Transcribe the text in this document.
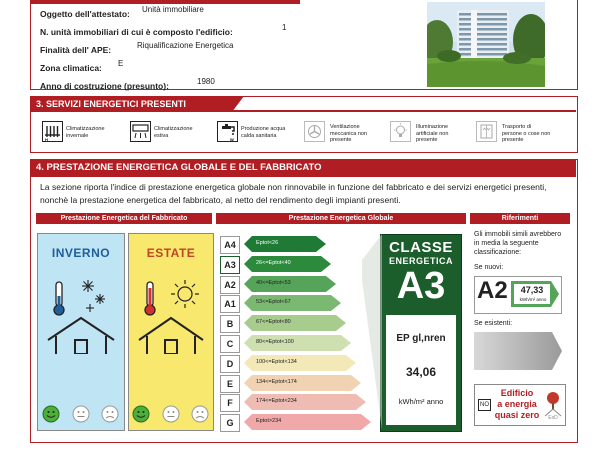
Oggetto dell'attestato: Unità immobiliare
N. unità immobiliari di cui è composto l'edificio:	1
Finalità dell' APE:	Riqualificazione Energetica
Zona climatica: E
Anno di costruzione (presunto):	1980
3. SERVIZI ENERGETICI PRESENTI
H
Climatizzazione invernale
Climatizzazione estiva
W
Produzione acqua calda sanitaria
Ventilazione meccanica non presente
Illuminazione artificiale non presente
Trasporto di persone o cose non presente
4. PRESTAZIONE ENERGETICA GLOBALE E DEL FABBRICATO
La sezione riporta l'indice di prestazione energetica globale non rinnovabile in funzione del fabbricato e dei servizi energetici presenti, nonchè la prestazione energetica del fabbricato, al netto del rendimento degli impianti presenti.
Prestazione Energetica del Fabbricato	Prestazione Energetica Globale	Riferimenti
INVERNO	ESTATE
A4	Eptot<26
A3	26<=Eptot<40
A2	40<=Eptot<53
A1	53<=Eptot<67
B	67<=Eptot<80
C	80<=Eptot<100
D	100<=Eptot<134
E	134<=Eptot<174
F	174<=Eptot<234
G	Eptot>234
CLASSE
ENERGETICA
A3
EP gl,nren
34,06
kWh/m² anno
Gli immobili simili avrebbero in media la seguente classificazione:
Se nuovi:
A2	47,33
kWh/m² anno
Se esistenti:
NO
Edificio
a energia
quasi zero	ExD
